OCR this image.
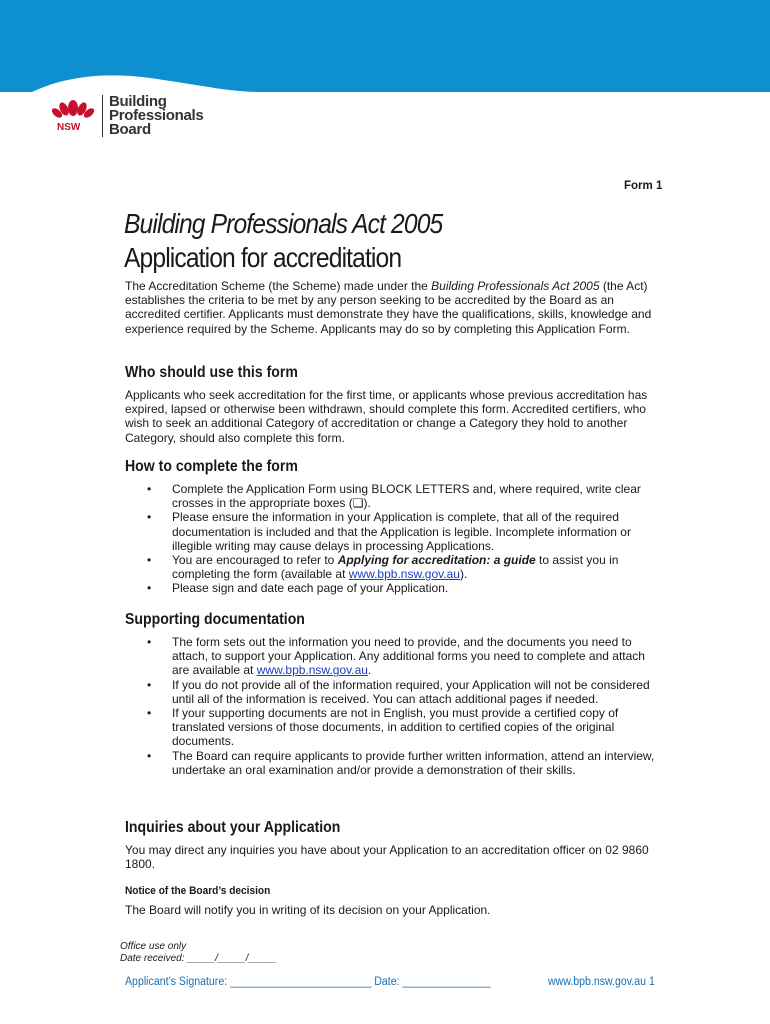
NSW
Building
Professionals
Board
Form 1
Building Professionals Act 2005
Application for accreditation

The Accreditation Scheme (the Scheme) made under the Building Professionals Act 2005 (the Act) establishes the criteria to be met by any person seeking to be accredited by the Board as an accredited certifier. Applicants must demonstrate they have the qualifications, skills, knowledge and experience required by the Scheme. Applicants may do so by completing this Application Form.

Who should use this form

Applicants who seek accreditation for the first time, or applicants whose previous accreditation has expired, lapsed or otherwise been withdrawn, should complete this form. Accredited certifiers, who wish to seek an additional Category of accreditation or change a Category they hold to another Category, should also complete this form.

How to complete the form
• Complete the Application Form using BLOCK LETTERS and, where required, write clear crosses in the appropriate boxes (❏).
• Please ensure the information in your Application is complete, that all of the required documentation is included and that the Application is legible. Incomplete information or illegible writing may cause delays in processing Applications.
• You are encouraged to refer to Applying for accreditation: a guide to assist you in completing the form (available at www.bpb.nsw.gov.au).
• Please sign and date each page of your Application.
Supporting documentation
• The form sets out the information you need to provide, and the documents you need to attach, to support your Application. Any additional forms you need to complete and attach are available at www.bpb.nsw.gov.au.
• If you do not provide all of the information required, your Application will not be considered until all of the information is received. You can attach additional pages if needed.
• If your supporting documents are not in English, you must provide a certified copy of translated versions of those documents, in addition to certified copies of the original documents.
• The Board can require applicants to provide further written information, attend an interview, undertake an oral examination and/or provide a demonstration of their skills.
Inquiries about your Application

You may direct any inquiries you have about your Application to an accreditation officer on 02 9860 1800.

Notice of the Board’s decision

The Board will notify you in writing of its decision on your Application.

Office use only
Date received: _____/_____/_____
Applicant’s Signature: ________________________ Date: _______________	www.bpb.nsw.gov.au 1
